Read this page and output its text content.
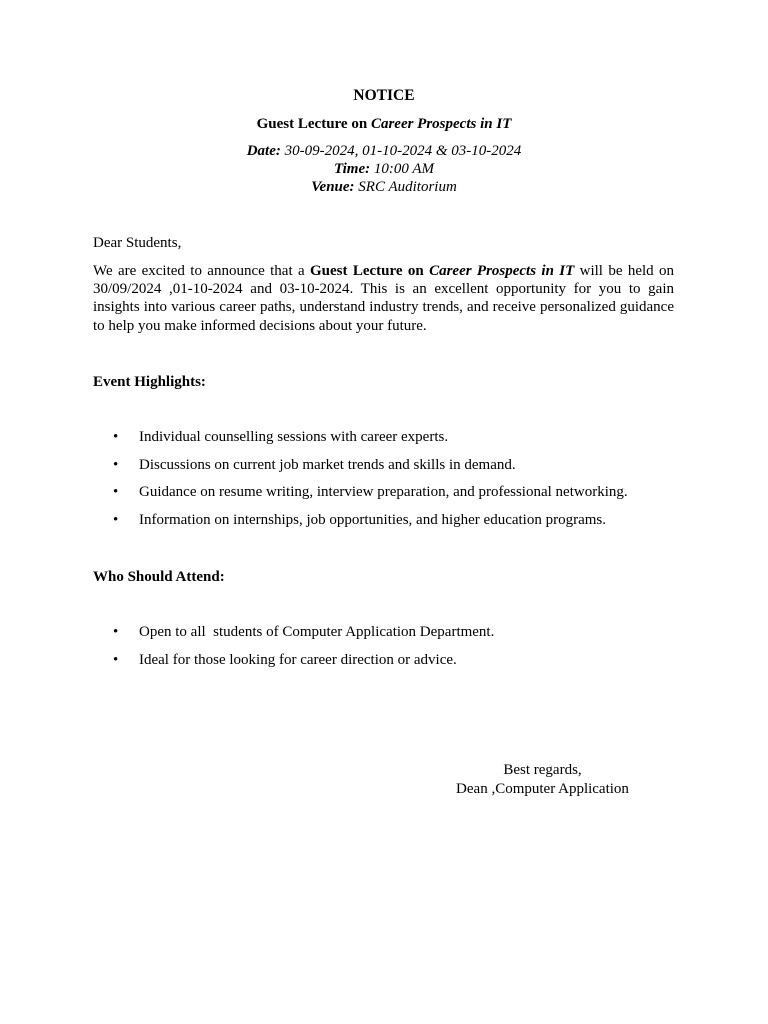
NOTICE
Guest Lecture on Career Prospects in IT
Date: 30-09-2024, 01-10-2024 & 03-10-2024
Time: 10:00 AM
Venue: SRC Auditorium
Dear Students,
We are excited to announce that a Guest Lecture on Career Prospects in IT will be held on 30/09/2024 ,01-10-2024 and 03-10-2024. This is an excellent opportunity for you to gain insights into various career paths, understand industry trends, and receive personalized guidance to help you make informed decisions about your future.
Event Highlights:
• Individual counselling sessions with career experts.
• Discussions on current job market trends and skills in demand.
• Guidance on resume writing, interview preparation, and professional networking.
• Information on internships, job opportunities, and higher education programs.
Who Should Attend:
• Open to all  students of Computer Application Department.
• Ideal for those looking for career direction or advice.
Best regards,
Dean ,Computer Application
